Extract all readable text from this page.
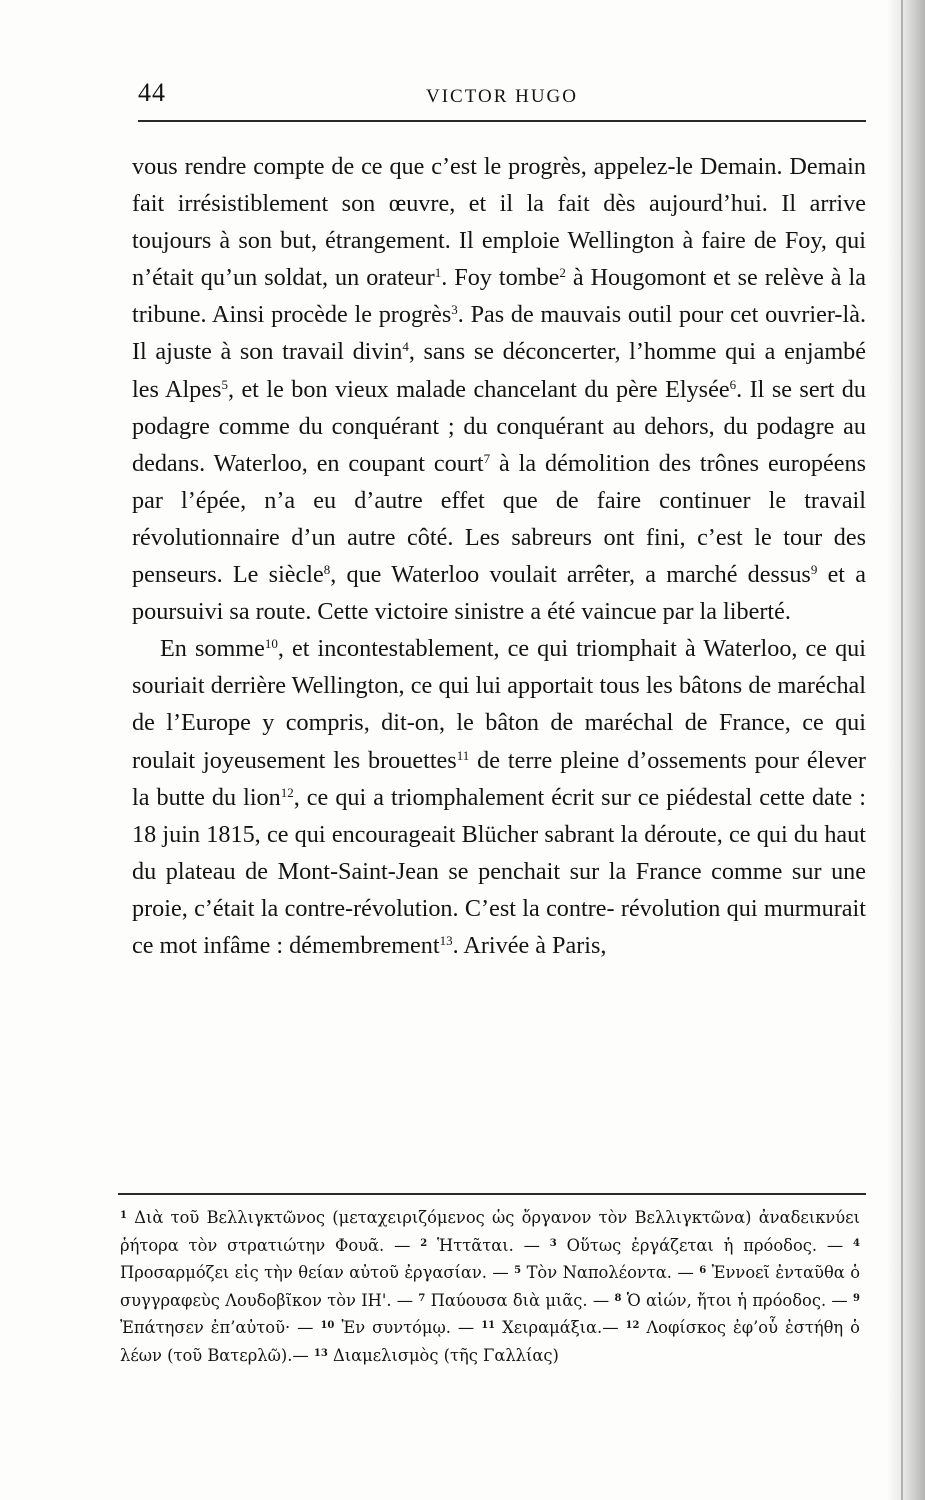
44	VICTOR HUGO

vous rendre compte de ce que c’est le progrès, appelez-le Demain. Demain fait irrésistiblement son œuvre, et il la fait dès aujourd’hui. Il arrive toujours à son but, étrangement. Il emploie Wellington à faire de Foy, qui n’était qu’un soldat, un orateur$^1$. Foy tombe$^2$ à Hougomont et se relève à la tribune. Ainsi procède le progrès$^3$. Pas de mauvais outil pour cet ouvrier-là. Il ajuste à son travail divin$^4$, sans se déconcerter, l’homme qui a enjambé les Alpes$^5$, et le bon vieux malade chancelant du père Elysée$^6$. Il se sert du podagre comme du conquérant ; du conquérant au dehors, du podagre au dedans. Waterloo, en coupant court$^7$ à la démolition des trônes européens par l’épée, n’a eu d’autre effet que de faire continuer le travail révolutionnaire d’un autre côté. Les sabreurs ont fini, c’est le tour des penseurs. Le siècle$^8$, que Waterloo voulait arrêter, a marché dessus$^9$ et a poursuivi sa route. Cette victoire sinistre a été vaincue par la liberté.

En somme$^{10}$, et incontestablement, ce qui triomphait à Waterloo, ce qui souriait derrière Wellington, ce qui lui apportait tous les bâtons de maréchal de l’Europe y compris, dit-on, le bâton de maréchal de France, ce qui roulait joyeusement les brouettes$^{11}$ de terre pleine d’ossements pour élever la butte du lion$^{12}$, ce qui a triomphalement écrit sur ce piédestal cette date : 18 juin 1815, ce qui encourageait Blücher sabrant la déroute, ce qui du haut du plateau de Mont-Saint-Jean se penchait sur la France comme sur une proie, c’était la contre-révolution. C’est la contre- révolution qui murmurait ce mot infâme : démembrement$^{13}$. Arivée à Paris,

$^1$ Διὰ τοῦ Βελλιγκτῶνος (μεταχειριζόμενος ὡς ὄργανον τὸν Βελλιγκτῶνα) ἀναδεικνύει ῥήτορα τὸν στρατιώτην Φουᾶ. — $^2$ Ἡττᾶται. — $^3$ Οὕτως ἐργάζεται ἡ πρόοδος. — $^4$ Προσαρμόζει εἰς τὴν θείαν αὐτοῦ ἐργασίαν. — $^5$ Τὸν Ναπολέοντα. — $^6$ Ἐννοεῖ ἐνταῦθα ὁ συγγραφεὺς Λουδοβῖκον τὸν ΙΗ'. — $^7$ Παύουσα διὰ μιᾶς. — $^8$ Ὁ αἰών, ἤτοι ἡ πρόοδος. — $^9$ Ἐπάτησεν ἐπ’αὐτοῦ· — $^{10}$ Ἐν συντόμῳ. — $^{11}$ Χειραμάξια.— $^{12}$ Λοφίσκος ἐφ’οὗ ἐστήθη ὁ λέων (τοῦ Βατερλῶ).— $^{13}$ Διαμελισμὸς (τῆς Γαλλίας)
